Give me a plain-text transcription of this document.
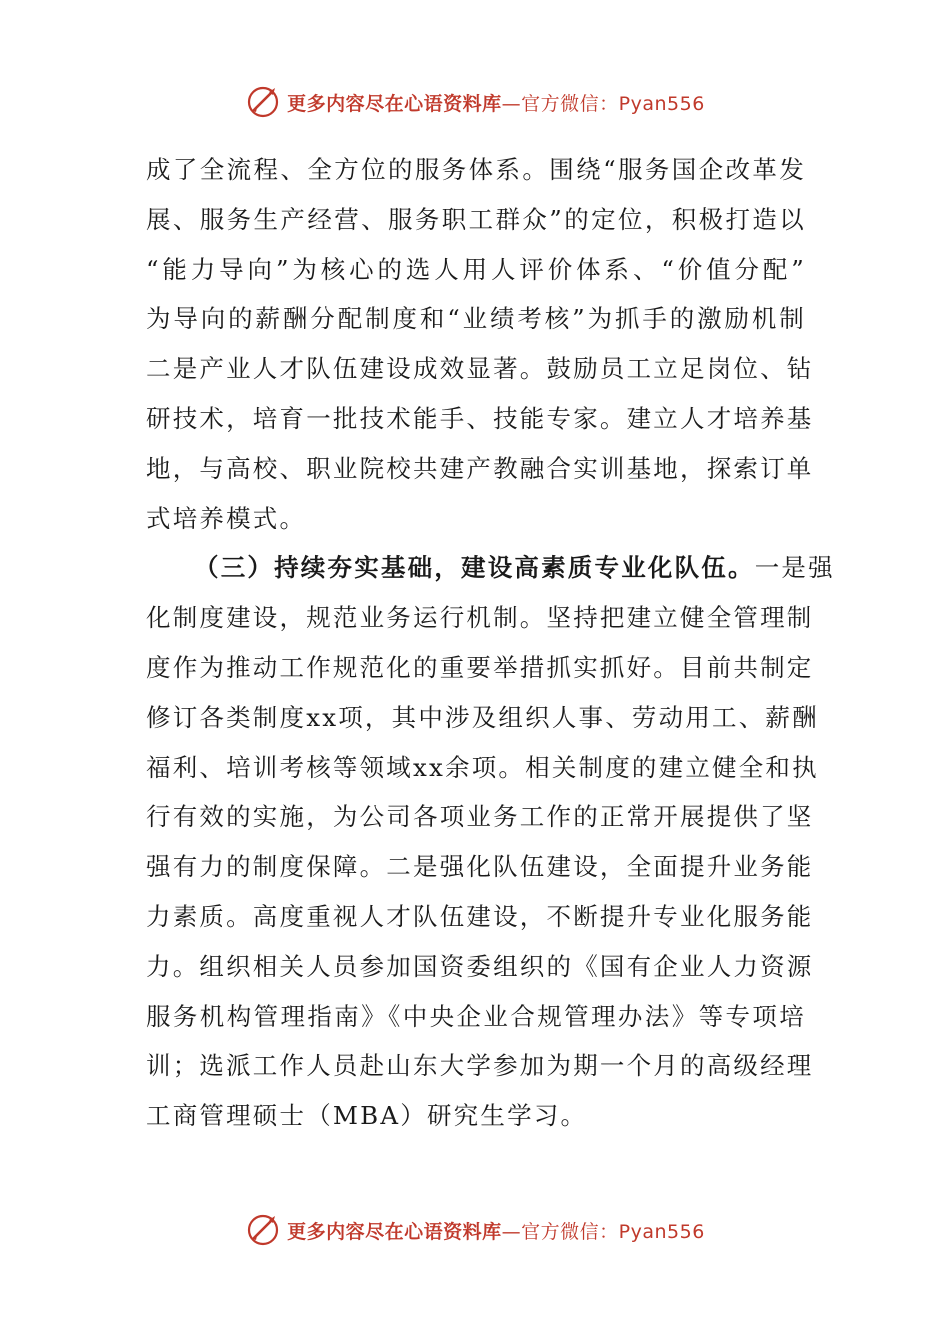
更多内容尽在心语资料库—官方微信：Pyan556

成了全流程、全方位的服务体系。围绕“服务国企改革发
展、服务生产经营、服务职工群众”的定位，积极打造以
“能力导向”为核心的选人用人评价体系、“价值分配”
为导向的薪酬分配制度和“业绩考核”为抓手的激励机制
二是产业人才队伍建设成效显著。鼓励员工立足岗位、钻
研技术，培育一批技术能手、技能专家。建立人才培养基
地，与高校、职业院校共建产教融合实训基地，探索订单
式培养模式。

（三）持续夯实基础，建设高素质专业化队伍。一是强
化制度建设，规范业务运行机制。坚持把建立健全管理制
度作为推动工作规范化的重要举措抓实抓好。目前共制定
修订各类制度xx项，其中涉及组织人事、劳动用工、薪酬
福利、培训考核等领域xx余项。相关制度的建立健全和执
行有效的实施，为公司各项业务工作的正常开展提供了坚
强有力的制度保障。二是强化队伍建设，全面提升业务能
力素质。高度重视人才队伍建设，不断提升专业化服务能
力。组织相关人员参加国资委组织的《国有企业人力资源
服务机构管理指南》《中央企业合规管理办法》等专项培
训；选派工作人员赴山东大学参加为期一个月的高级经理
工商管理硕士（MBA）研究生学习。

更多内容尽在心语资料库—官方微信：Pyan556
